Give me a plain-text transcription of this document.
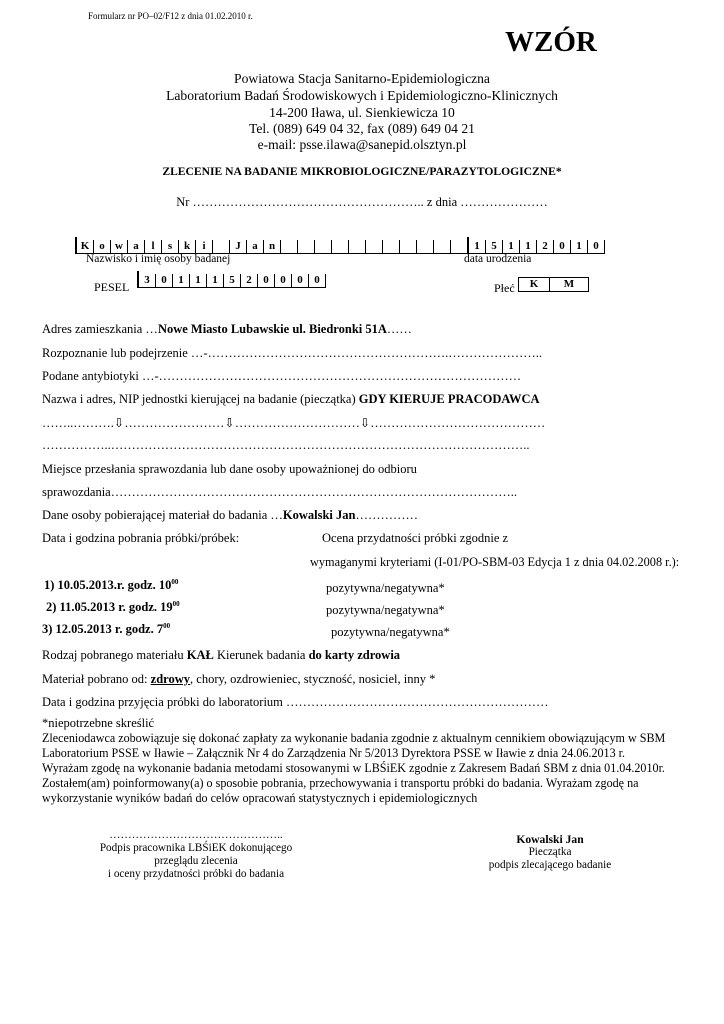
Formularz nr PO–02/F12 z dnia 01.02.2010 r.
WZÓR
Powiatowa Stacja Sanitarno-Epidemiologiczna
Laboratorium Badań Środowiskowych i Epidemiologiczno-Klinicznych
14-200 Iława, ul. Sienkiewicza 10
Tel. (089) 649 04 32, fax (089) 649 04 21
e-mail: psse.ilawa@sanepid.olsztyn.pl
ZLECENIE NA BADANIE MIKROBIOLOGICZNE/PARAZYTOLOGICZNE*
Nr ……………………………………………….. z dnia …………………
K o w a	l	s	k	i	J	a	n	1	5	1	1	2	0	1	0
Nazwisko i imię osoby badanej	data urodzenia
PESEL	3	0	1	1	1	5	2	0	0	0	0
Płeć	K	M
Adres zamieszkania …Nowe Miasto Lubawskie ul. Biedronki 51A……
Rozpoznanie lub podejrzenie …-………………………………………………….…………………..
Podane antybiotyki …-……………………………………………………………………………
Nazwa i adres, NIP jednostki kierującej na badanie (pieczątka) GDY KIERUJE PRACODAWCA
……..……….⇩……………………⇩…………………………⇩……………………………………
……………..………………………………………………………………………………………..
Miejsce przesłania sprawozdania lub dane osoby upoważnionej do odbioru
sprawozdania……………………………………………………………………………………..
Dane osoby pobierającej materiał do badania …Kowalski Jan……………
Data i godzina pobrania próbki/próbek:	Ocena przydatności próbki zgodnie z
wymaganymi kryteriami (I-01/PO-SBM-03 Edycja 1 z dnia 04.02.2008 r.):
1) 10.05.2013.r. godz. $10^{00}$	pozytywna/negatywna*
2) 11.05.2013 r. godz. $19^{00}$	pozytywna/negatywna*
3) 12.05.2013 r. godz. $7^{00}$	pozytywna/negatywna*
Rodzaj pobranego materiału KAŁ Kierunek badania do karty zdrowia
Materiał pobrano od: zdrowy, chory, ozdrowieniec, styczność, nosiciel, inny *
Data i godzina przyjęcia próbki do laboratorium ………………………………………………………
*niepotrzebne skreślić
Zleceniodawca zobowiązuje się dokonać zapłaty za wykonanie badania zgodnie z aktualnym cennikiem obowiązującym w SBM
Laboratorium PSSE w Iławie – Załącznik Nr 4 do Zarządzenia Nr 5/2013 Dyrektora PSSE w Iławie z dnia 24.06.2013 r.
Wyrażam zgodę na wykonanie badania metodami stosowanymi w LBŚiEK zgodnie z Zakresem Badań SBM z dnia 01.04.2010r.
Zostałem(am) poinformowany(a) o sposobie pobrania, przechowywania i transportu próbki do badania. Wyrażam zgodę na
wykorzystanie wyników badań do celów opracowań statystycznych i epidemiologicznych
………………………………………..
Podpis pracownika LBŚiEK dokonującego
przeglądu zlecenia
i oceny przydatności próbki do badania
Kowalski Jan
Pieczątka
podpis zlecającego badanie
